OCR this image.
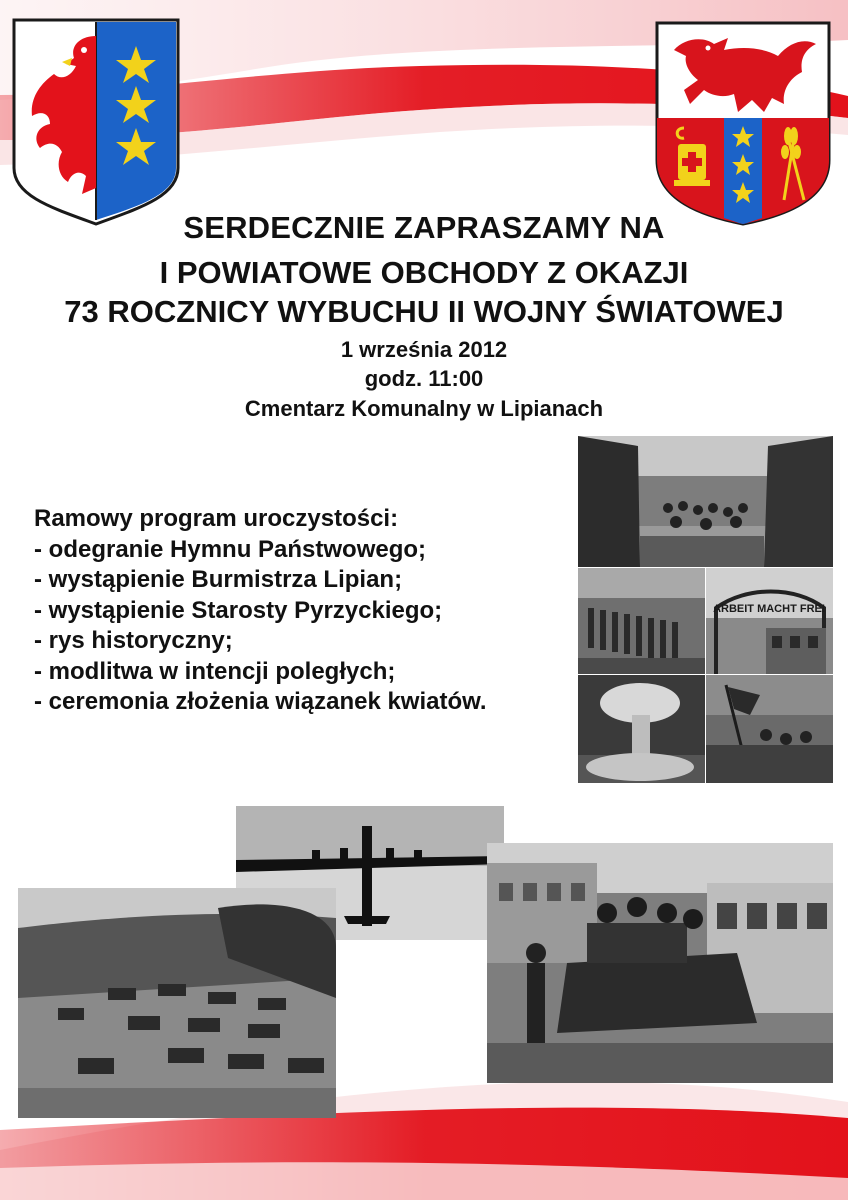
SERDECZNIE ZAPRASZAMY NA
I POWIATOWE OBCHODY Z OKAZJI
73 ROCZNICY WYBUCHU II WOJNY ŚWIATOWEJ
1 września 2012
godz. 11:00
Cmentarz Komunalny w Lipianach
Ramowy program uroczystości:
- odegranie Hymnu Państwowego;
- wystąpienie Burmistrza Lipian;
- wystąpienie Starosty Pyrzyckiego;
- rys historyczny;
- modlitwa w intencji poległych;
- ceremonia złożenia wiązanek kwiatów.
ARBEIT MACHT FREI
